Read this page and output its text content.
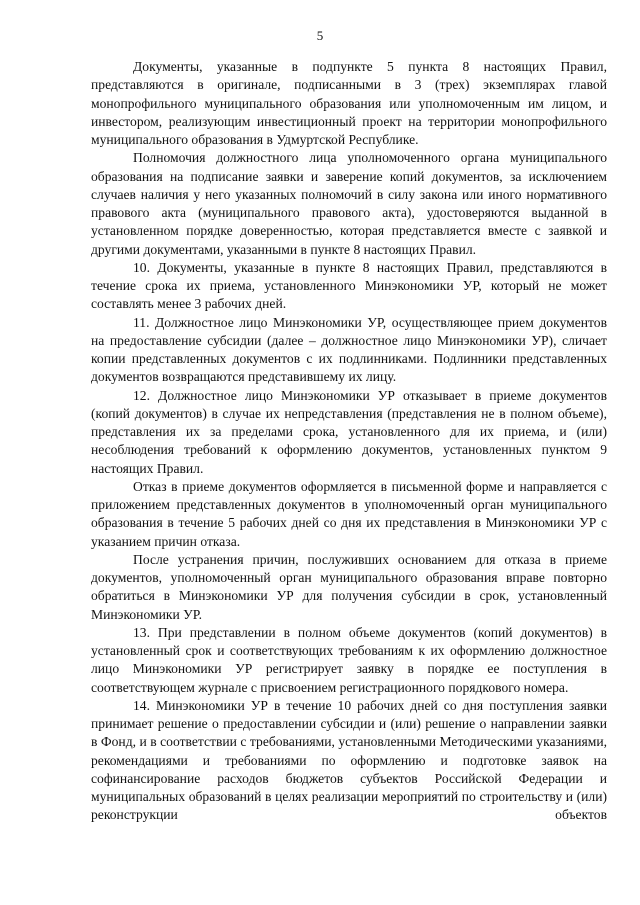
5

Документы, указанные в подпункте 5 пункта 8 настоящих Правил, представляются в оригинале, подписанными в 3 (трех) экземплярах главой монопрофильного муниципального образования или уполномоченным им лицом, и инвестором, реализующим инвестиционный проект на территории монопрофильного муниципального образования в Удмуртской Республике.

Полномочия должностного лица уполномоченного органа муниципального образования на подписание заявки и заверение копий документов, за исключением случаев наличия у него указанных полномочий в силу закона или иного нормативного правового акта (муниципального правового акта), удостоверяются выданной в установленном порядке доверенностью, которая представляется вместе с заявкой и другими документами, указанными в пункте 8 настоящих Правил.

10. Документы, указанные в пункте 8 настоящих Правил, представляются в течение срока их приема, установленного Минэкономики УР, который не может составлять менее 3 рабочих дней.

11. Должностное лицо Минэкономики УР, осуществляющее прием документов на предоставление субсидии (далее – должностное лицо Минэкономики УР), сличает копии представленных документов с их подлинниками. Подлинники представленных документов возвращаются представившему их лицу.

12. Должностное лицо Минэкономики УР отказывает в приеме документов (копий документов) в случае их непредставления (представления не в полном объеме), представления их за пределами срока, установленного для их приема, и (или) несоблюдения требований к оформлению документов, установленных пунктом 9 настоящих Правил.

Отказ в приеме документов оформляется в письменной форме и направляется с приложением представленных документов в уполномоченный орган муниципального образования в течение 5 рабочих дней со дня их представления в Минэкономики УР с указанием причин отказа.

После устранения причин, послуживших основанием для отказа в приеме документов, уполномоченный орган муниципального образования вправе повторно обратиться в Минэкономики УР для получения субсидии в срок, установленный Минэкономики УР.

13. При представлении в полном объеме документов (копий документов) в установленный срок и соответствующих требованиям к их оформлению должностное лицо Минэкономики УР регистрирует заявку в порядке ее поступления в соответствующем журнале с присвоением регистрационного порядкового номера.

14. Минэкономики УР в течение 10 рабочих дней со дня поступления заявки принимает решение о предоставлении субсидии и (или) решение о направлении заявки в Фонд, и в соответствии с требованиями, установленными Методическими указаниями, рекомендациями и требованиями по оформлению и подготовке заявок на софинансирование расходов бюджетов субъектов Российской Федерации и муниципальных образований в целях реализации мероприятий по строительству и (или) реконструкции объектов
